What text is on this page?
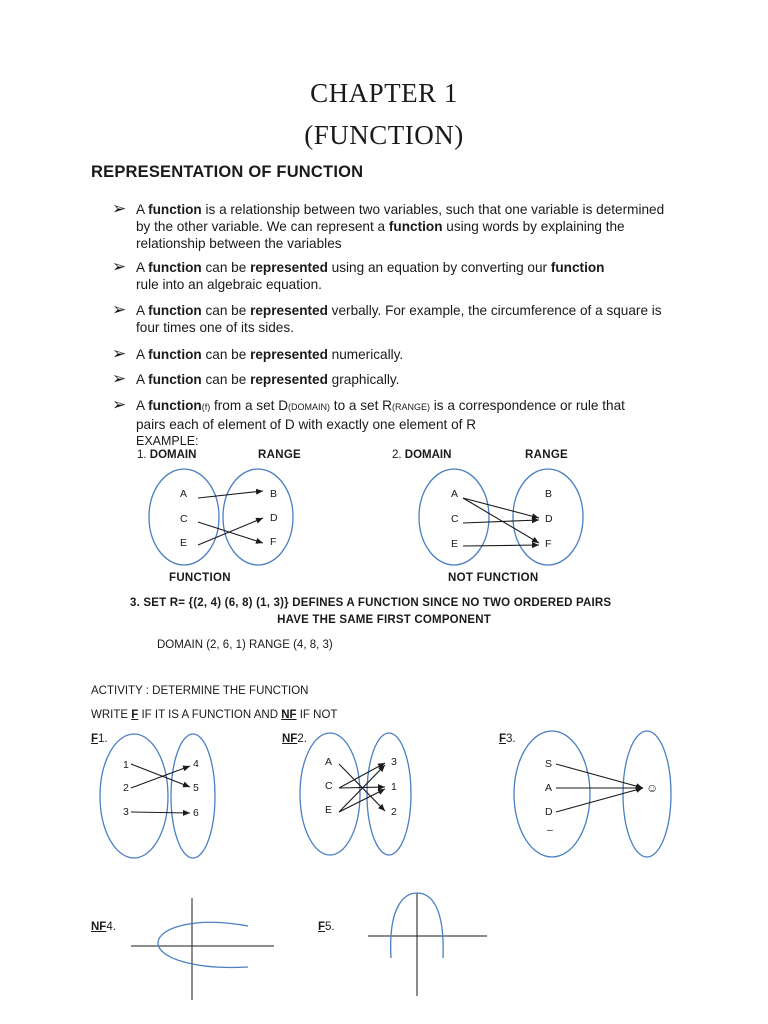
CHAPTER 1
(FUNCTION)
REPRESENTATION OF FUNCTION
➢ A function is a relationship between two variables, such that one variable is determined by the other variable. We can represent a function using words by explaining the relationship between the variables
➢ A function can be represented using an equation by converting our function rule into an algebraic equation.
➢ A function can be represented verbally. For example, the circumference of a square is four times one of its sides.
➢ A function can be represented numerically.
➢ A function can be represented graphically.
➢ A function(f) from a set D(DOMAIN) to a set R(RANGE) is a correspondence or rule that pairs each of element of D with exactly one element of R
EXAMPLE:
1. DOMAIN	RANGE	2. DOMAIN	RANGE
A
C
E
B
D
F
A
C
E
B
D
F
1
2
3
4
5
6
A
C
E
3
1
2
S
A
D
–
☺
FUNCTION	NOT FUNCTION
3. SET R= {(2, 4) (6, 8) (1, 3)} DEFINES A FUNCTION SINCE NO TWO ORDERED PAIRS
HAVE THE SAME FIRST COMPONENT
DOMAIN (2, 6, 1) RANGE (4, 8, 3)
ACTIVITY : DETERMINE THE FUNCTION
WRITE F IF IT IS A FUNCTION AND NF IF NOT
F1.	NF2.	F3.
NF4.	F5.
